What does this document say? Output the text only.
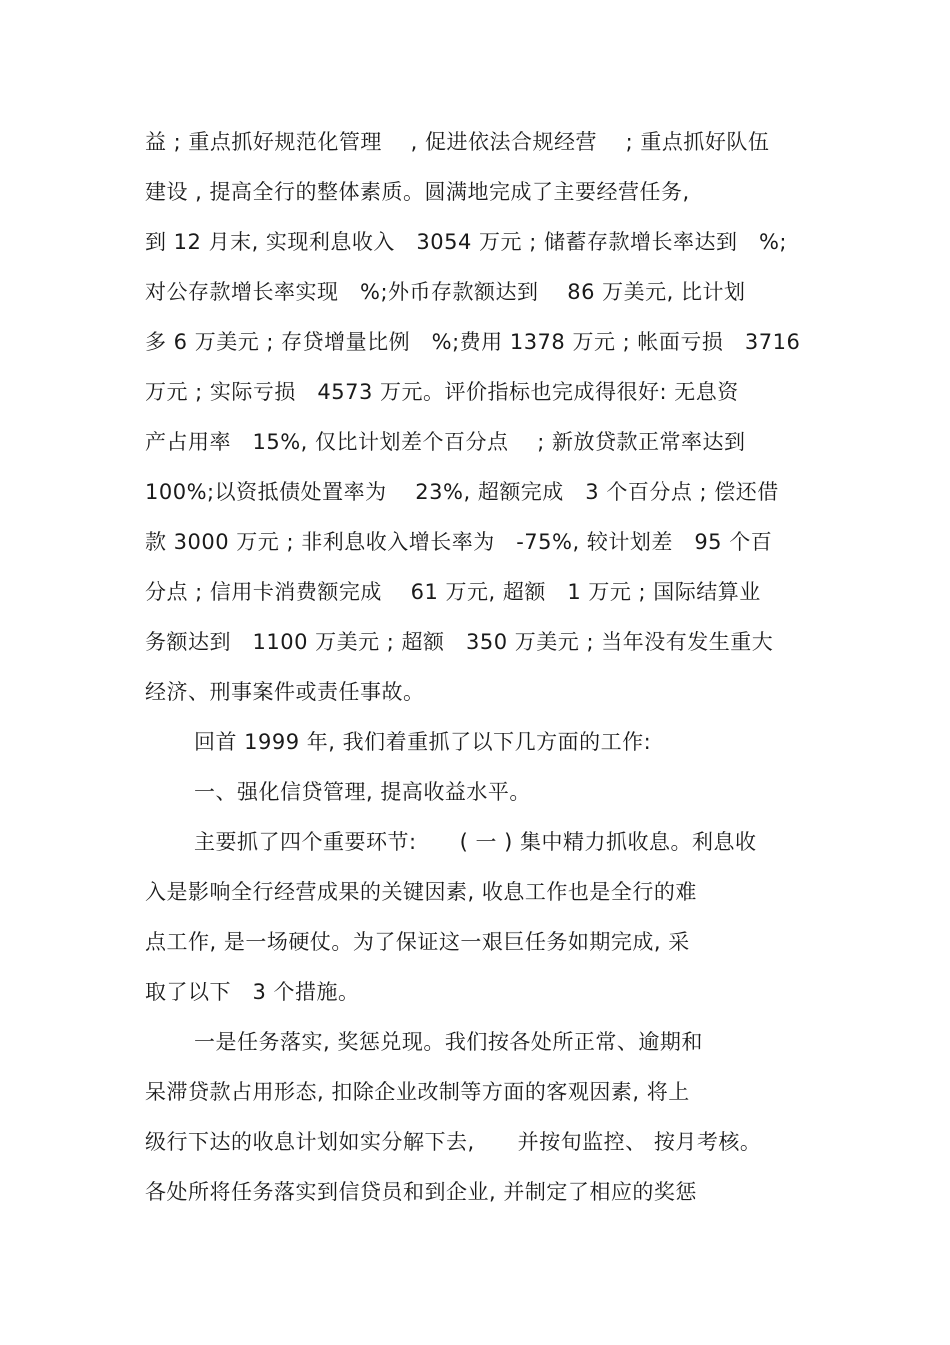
益 ; 重点抓好规范化管理　 , 促进依法合规经营　 ; 重点抓好队伍
建设 , 提高全行的整体素质。圆满地完成了主要经营任务,
到 12 月末, 实现利息收入　3054 万元 ; 储蓄存款增长率达到　%;
对公存款增长率实现　%;外币存款额达到　 86 万美元, 比计划
多 6 万美元 ; 存贷增量比例　%;费用 1378 万元 ; 帐面亏损　3716
万元 ; 实际亏损　4573 万元。评价指标也完成得很好: 无息资
产占用率　15%, 仅比计划差个百分点　 ; 新放贷款正常率达到
100%;以资抵债处置率为　 23%, 超额完成　3 个百分点 ; 偿还借
款 3000 万元 ; 非利息收入增长率为　-75%, 较计划差　95 个百
分点 ; 信用卡消费额完成　 61 万元, 超额　1 万元 ; 国际结算业
务额达到　1100 万美元 ; 超额　350 万美元 ; 当年没有发生重大
经济、刑事案件或责任事故。
回首 1999 年, 我们着重抓了以下几方面的工作:
一、强化信贷管理, 提高收益水平。
主要抓了四个重要环节:　　( 一 ) 集中精力抓收息。利息收
入是影响全行经营成果的关键因素, 收息工作也是全行的难
点工作, 是一场硬仗。为了保证这一艰巨任务如期完成, 采
取了以下　3 个措施。
一是任务落实, 奖惩兑现。我们按各处所正常、逾期和
呆滞贷款占用形态, 扣除企业改制等方面的客观因素, 将上
级行下达的收息计划如实分解下去,　　并按旬监控、 按月考核。
各处所将任务落实到信贷员和到企业, 并制定了相应的奖惩
